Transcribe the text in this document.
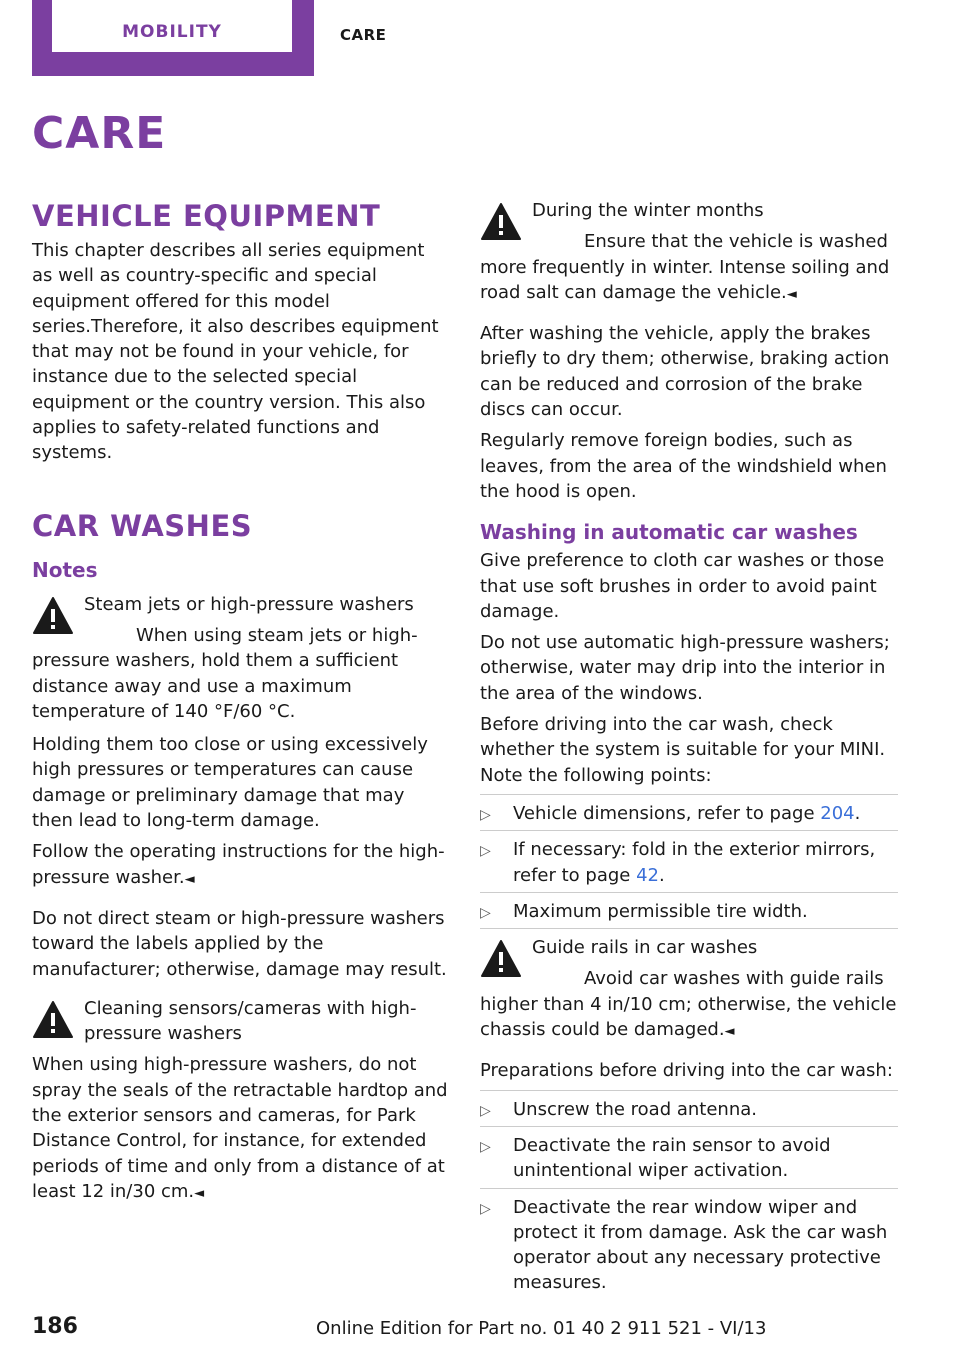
MOBILITY	CARE
CARE
VEHICLE EQUIPMENT

This chapter describes all series equipment as well as country-specific and special equipment offered for this model series.Therefore, it also describes equipment that may not be found in your vehicle, for instance due to the selected special equipment or the country version. This also applies to safety-related functions and systems.

CAR WASHES
Notes

Steam jets or high-pressure washers

When using steam jets or high-pressure washers, hold them a sufficient distance away and use a maximum temperature of 140 °F/60 °C.

Holding them too close or using excessively high pressures or temperatures can cause damage or preliminary damage that may then lead to long-term damage.

Follow the operating instructions for the high-pressure washer.◄

Do not direct steam or high-pressure washers toward the labels applied by the manufacturer; otherwise, damage may result.

Cleaning sensors/cameras with high-pressure washers

When using high-pressure washers, do not spray the seals of the retractable hardtop and the exterior sensors and cameras, for Park Distance Control, for instance, for extended periods of time and only from a distance of at least 12 in/30 cm.◄

During the winter months

Ensure that the vehicle is washed more frequently in winter. Intense soiling and road salt can damage the vehicle.◄

After washing the vehicle, apply the brakes briefly to dry them; otherwise, braking action can be reduced and corrosion of the brake discs can occur.

Regularly remove foreign bodies, such as leaves, from the area of the windshield when the hood is open.

Washing in automatic car washes

Give preference to cloth car washes or those that use soft brushes in order to avoid paint damage.

Do not use automatic high-pressure washers; otherwise, water may drip into the interior in the area of the windows.

Before driving into the car wash, check whether the system is suitable for your MINI. Note the following points:

▷ Vehicle dimensions, refer to page 204.
▷ If necessary: fold in the exterior mirrors, refer to page 42.
▷ Maximum permissible tire width.

Guide rails in car washes

Avoid car washes with guide rails higher than 4 in/10 cm; otherwise, the vehicle chassis could be damaged.◄

Preparations before driving into the car wash:

▷ Unscrew the road antenna.
▷ Deactivate the rain sensor to avoid unintentional wiper activation.
▷ Deactivate the rear window wiper and protect it from damage. Ask the car wash operator about any necessary protective measures.
186	Online Edition for Part no. 01 40 2 911 521 - VI/13
